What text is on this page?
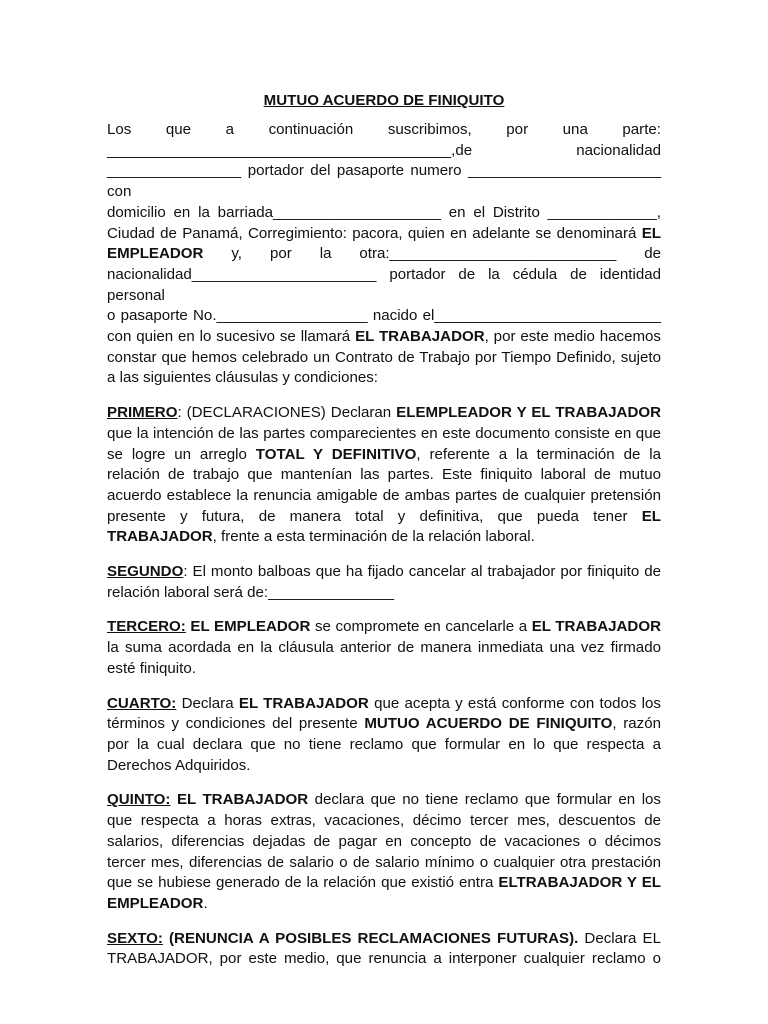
MUTUO ACUERDO DE FINIQUITO

Los que a continuación suscribimos, por una parte:
_________________________________________,de nacionalidad
________________ portador del pasaporte numero _______________________ con
domicilio en la barriada____________________ en el Distrito _____________,
Ciudad de Panamá, Corregimiento: pacora, quien en adelante se denominará EL
EMPLEADOR y, por la otra:___________________________ de
nacionalidad______________________ portador de la cédula de identidad personal
o pasaporte No.__________________ nacido el___________________________
con quien en lo sucesivo se llamará EL TRABAJADOR, por este medio hacemos
constar que hemos celebrado un Contrato de Trabajo por Tiempo Definido, sujeto
a las siguientes cláusulas y condiciones:

PRIMERO: (DECLARACIONES) Declaran ELEMPLEADOR Y EL TRABAJADOR
que la intención de las partes comparecientes en este documento consiste en que
se logre un arreglo TOTAL Y DEFINITIVO, referente a la terminación de la
relación de trabajo que mantenían las partes. Este finiquito laboral de mutuo
acuerdo establece la renuncia amigable de ambas partes de cualquier pretensión
presente y futura, de manera total y definitiva, que pueda tener EL
TRABAJADOR, frente a esta terminación de la relación laboral.

SEGUNDO: El monto balboas que ha fijado cancelar al trabajador por finiquito de
relación laboral será de:_______________

TERCERO: EL EMPLEADOR se compromete en cancelarle a EL TRABAJADOR
la suma acordada en la cláusula anterior de manera inmediata una vez firmado
esté finiquito.

CUARTO: Declara EL TRABAJADOR que acepta y está conforme con todos los
términos y condiciones del presente MUTUO ACUERDO DE FINIQUITO, razón
por la cual declara que no tiene reclamo que formular en lo que respecta a
Derechos Adquiridos.

QUINTO: EL TRABAJADOR declara que no tiene reclamo que formular en los
que respecta a horas extras, vacaciones, décimo tercer mes, descuentos de
salarios, diferencias dejadas de pagar en concepto de vacaciones o décimos
tercer mes, diferencias de salario o de salario mínimo o cualquier otra prestación
que se hubiese generado de la relación que existió entra ELTRABAJADOR Y EL
EMPLEADOR.

SEXTO: (RENUNCIA A POSIBLES RECLAMACIONES FUTURAS). Declara EL
TRABAJADOR, por este medio, que renuncia a interponer cualquier reclamo o
